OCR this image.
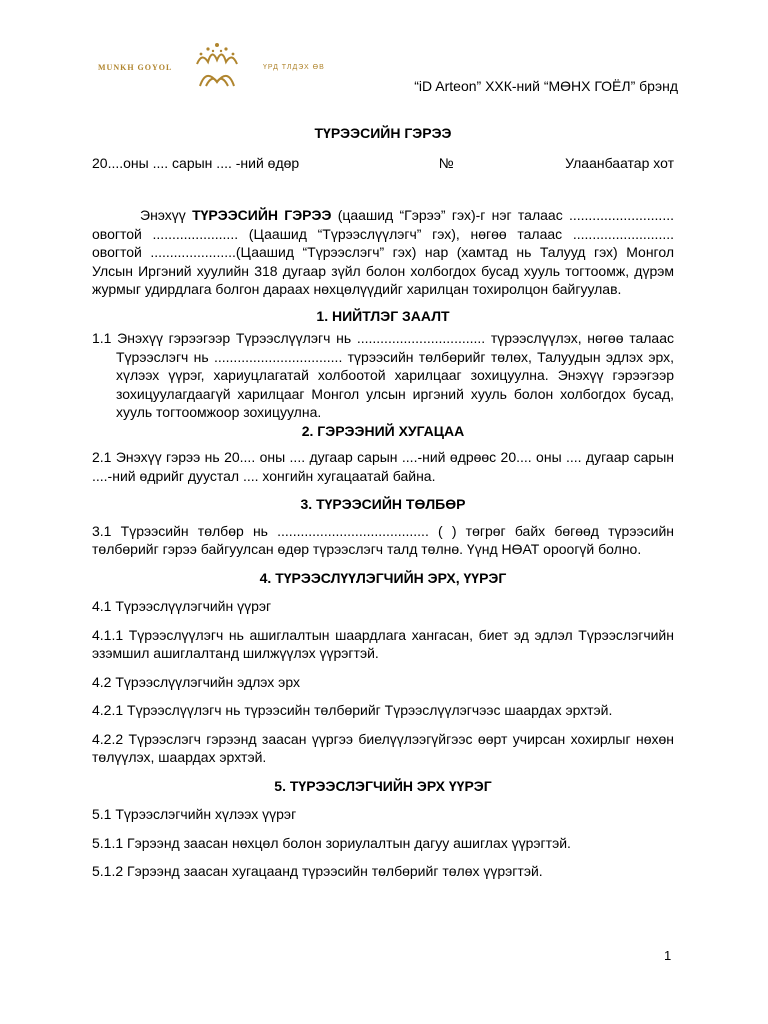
MUNKH GOYOL	ҮРД ТЛДЭХ ӨВ
“iD Arteon” ХХК-ний “МӨНХ ГОЁЛ” брэнд
ТҮРЭЭСИЙН ГЭРЭЭ
20....оны .... сарын .... -ний өдөр	№	Улаанбаатар хот

Энэхүү ТҮРЭЭСИЙН ГЭРЭЭ (цаашид “Гэрээ” гэх)-г нэг талаас ........................... овогтой ...................... (Цаашид “Түрээслүүлэгч” гэх), нөгөө талаас .......................... овогтой ......................(Цаашид “Түрээслэгч” гэх) нар (хамтад нь Талууд гэх) Монгол Улсын Иргэний хуулийн 318 дугаар зүйл болон холбогдох бусад хууль тогтоомж, дүрэм журмыг удирдлага болгон дараах нөхцөлүүдийг харилцан тохиролцон байгуулав.

1. НИЙТЛЭГ ЗААЛТ

1.1 Энэхүү гэрээгээр Түрээслүүлэгч нь ................................. түрээслүүлэх, нөгөө талаас Түрээслэгч нь ................................. түрээсийн төлбөрийг төлөх, Талуудын эдлэх эрх, хүлээх үүрэг, хариуцлагатай холбоотой харилцааг зохицуулна. Энэхүү гэрээгээр зохицуулагдаагүй харилцааг Монгол улсын иргэний хууль болон холбогдох бусад, хууль тогтоомжоор зохицуулна.

2. ГЭРЭЭНИЙ ХУГАЦАА

2.1 Энэхүү гэрээ нь 20.... оны .... дугаар сарын ....-ний өдрөөс 20.... оны .... дугаар сарын ....-ний өдрийг дуустал .... хонгийн хугацаатай байна.

3. ТҮРЭЭСИЙН ТӨЛБӨР

3.1 Түрээсийн төлбөр нь ....................................... ( ) төгрөг байх бөгөөд түрээсийн төлбөрийг гэрээ байгуулсан өдөр түрээслэгч талд төлнө. Үүнд НӨАТ ороогүй болно.

4. ТҮРЭЭСЛҮҮЛЭГЧИЙН ЭРХ, ҮҮРЭГ

4.1 Түрээслүүлэгчийн үүрэг

4.1.1 Түрээслүүлэгч нь ашиглалтын шаардлага хангасан, биет эд эдлэл Түрээслэгчийн эзэмшил ашиглалтанд шилжүүлэх үүрэгтэй.

4.2 Түрээслүүлэгчийн эдлэх эрх

4.2.1 Түрээслүүлэгч нь түрээсийн төлбөрийг Түрээслүүлэгчээс шаардах эрхтэй.

4.2.2 Түрээслэгч гэрээнд заасан үүргээ биелүүлээгүйгээс өөрт учирсан хохирлыг нөхөн төлүүлэх, шаардах эрхтэй.

5. ТҮРЭЭСЛЭГЧИЙН ЭРХ ҮҮРЭГ

5.1 Түрээслэгчийн хүлээх үүрэг

5.1.1 Гэрээнд заасан нөхцөл болон зориулалтын дагуу ашиглах үүрэгтэй.

5.1.2 Гэрээнд заасан хугацаанд түрээсийн төлбөрийг төлөх үүрэгтэй.

1
